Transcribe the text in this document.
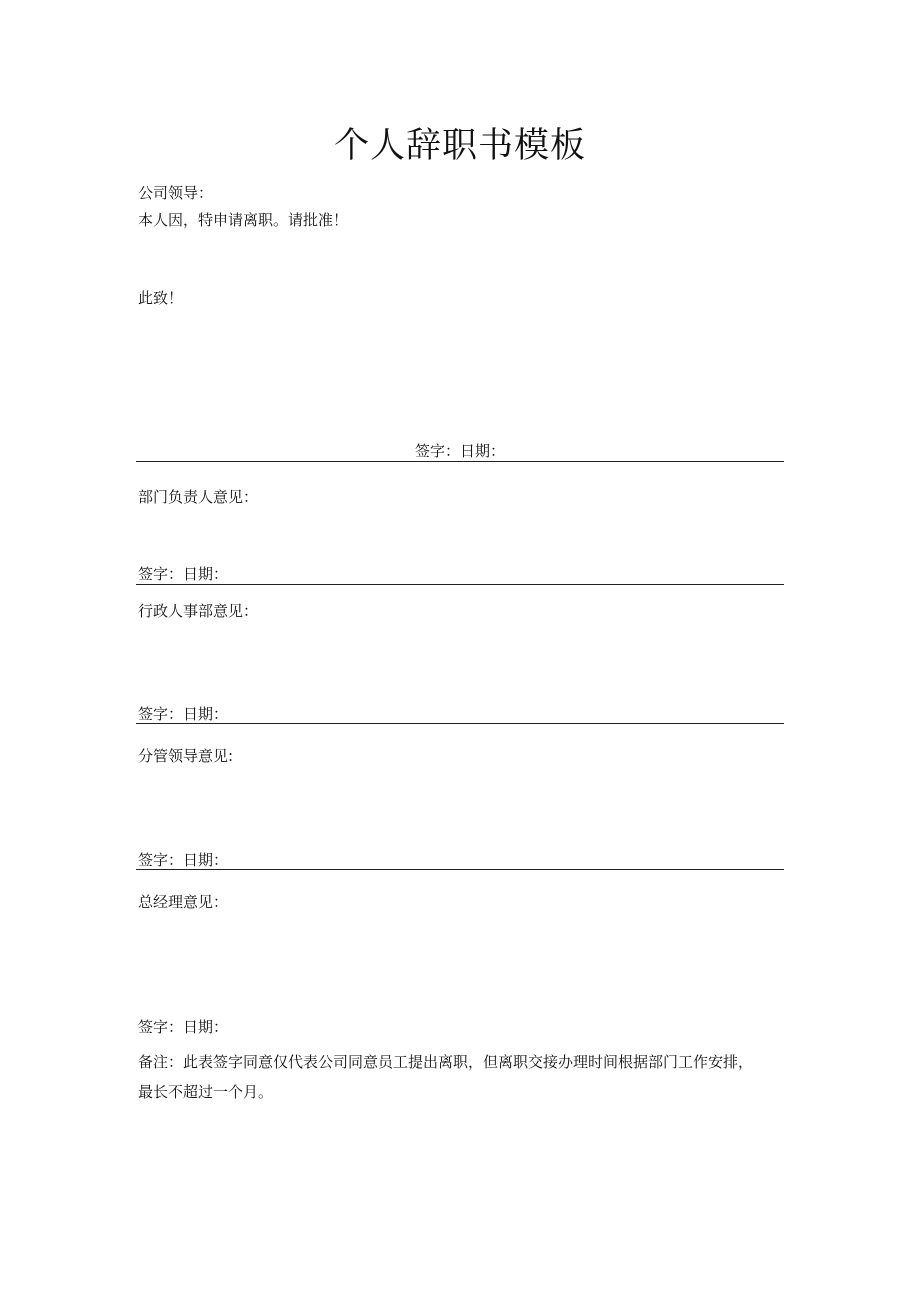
个人辞职书模板
公司领导：
本人因，特申请离职。请批准！
此致！
签字：日期：
部门负责人意见：
签字：日期：
行政人事部意见：
签字：日期：
分管领导意见:
签字：日期：
总经理意见：
签字：日期：
备注：此表签字同意仅代表公司同意员工提出离职，但离职交接办理时间根据部门工作安排，
最长不超过一个月。
